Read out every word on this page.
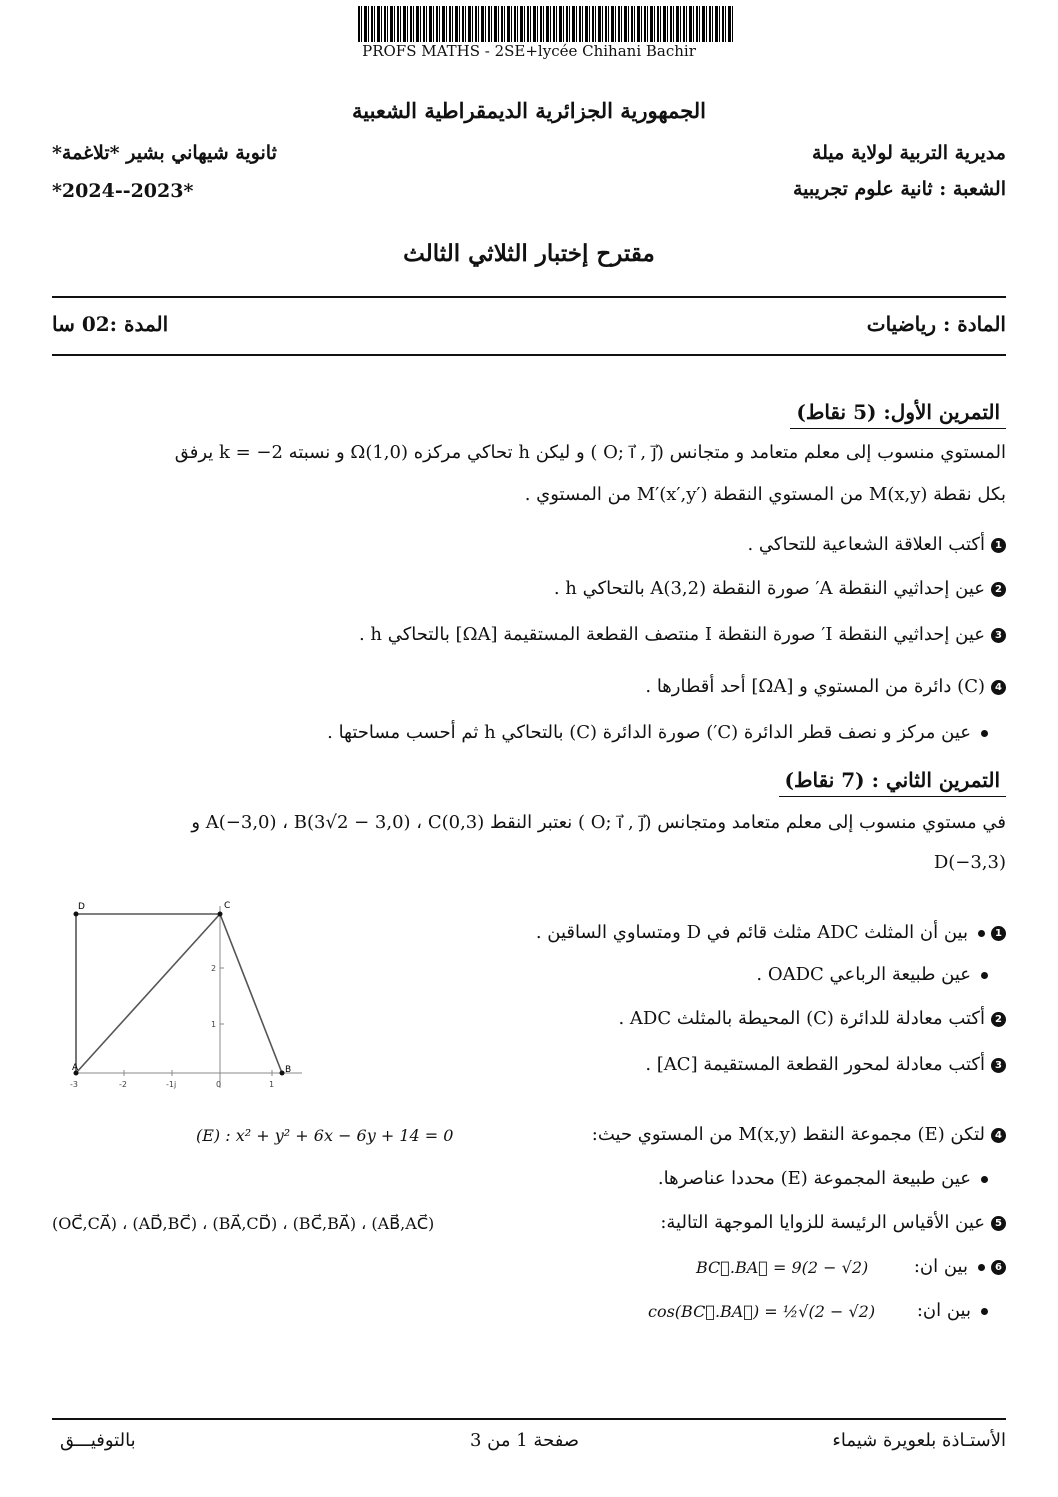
PROFS MATHS - 2SE+lycée Chihani Bachir
الجمهورية الجزائرية الديمقراطية الشعبية
مديرية التربية لولاية ميلة
ثانوية شيهاني بشير *تلاغمة*
الشعبة : ثانية علوم تجريبية
*2024--2023*
مقترح إختبار الثلاثي الثالث
المادة : رياضيات
المدة :02 سا
التمرين الأول: (5 نقاط)
المستوي منسوب إلى معلم متعامد و متجانس (O; i⃗ , j⃗ ) و ليكن h تحاكي مركزه Ω(1,0) و نسبته k = −2 يرفق
بكل نقطة M(x,y) من المستوي النقطة M′(x′,y′) من المستوي .
1أكتب العلاقة الشعاعية للتحاكي .
2عين إحداثيي النقطة A′ صورة النقطة A(3,2) بالتحاكي h .
3عين إحداثيي النقطة I′ صورة النقطة I منتصف القطعة المستقيمة [ΩA] بالتحاكي h .
4(C) دائرة من المستوي و [ΩA] أحد أقطارها .
عين مركز و نصف قطر الدائرة (C′) صورة الدائرة (C) بالتحاكي h ثم أحسب مساحتها .
التمرين الثاني : (7 نقاط)
في مستوي منسوب إلى معلم متعامد ومتجانس (O; i⃗ , j⃗ ) نعتبر النقط A(−3,0) ، B(3√2 − 3,0) ، C(0,3) و
D(−3,3)
D	C
A	B
-3	-2	-1j	0	1
1
2
1بين أن المثلث ADC مثلث قائم في D ومتساوي الساقين .
عين طبيعة الرباعي OADC .
2أكتب معادلة للدائرة (C) المحيطة بالمثلث ADC .
3أكتب معادلة لمحور القطعة المستقيمة [AC] .
4لتكن (E) مجموعة النقط M(x,y) من المستوي حيث:
(E) : x² + y² + 6x − 6y + 14 = 0
عين طبيعة المجموعة (E) محددا عناصرها.
5عين الأقياس الرئيسة للزوايا الموجهة التالية:
(OC⃗,CA⃗) ، (AD⃗,BC⃗) ، (BA⃗,CD⃗) ، (BC⃗,BA⃗) ، (AB⃗,AC⃗)
6بين ان:
BC⃗.BA⃗ = 9(2 − √2)
بين ان:
cos(BC⃗.BA⃗) = ½√(2 − √2)
الأستـاذة بلعويرة شيماء
صفحة 1 من 3
بالتوفيـــق
